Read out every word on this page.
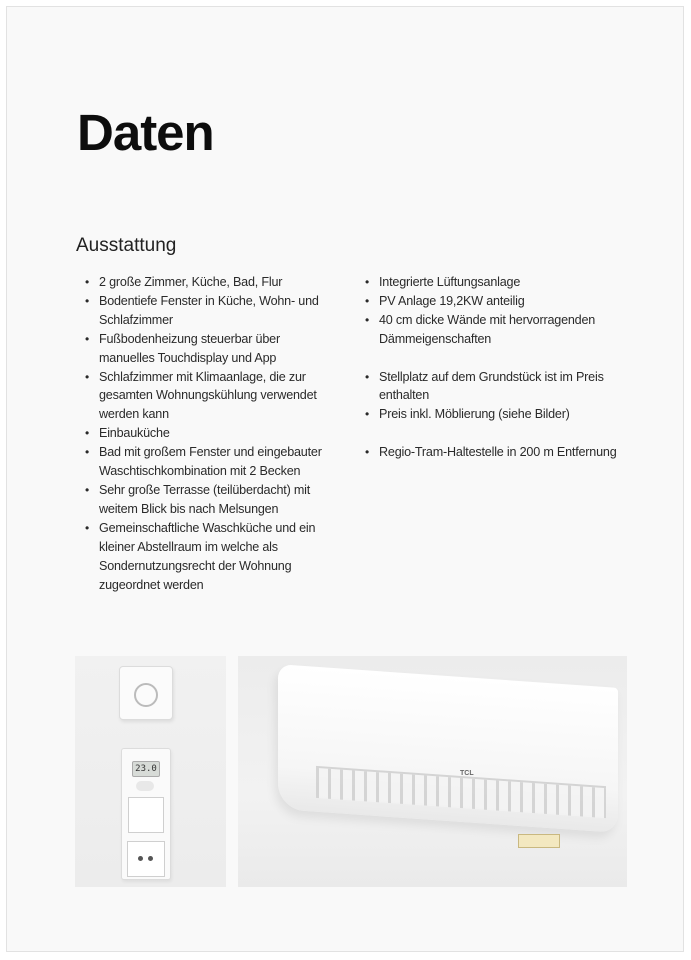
Daten
Ausstattung
• 2 große Zimmer, Küche, Bad, Flur
• Bodentiefe Fenster in Küche, Wohn- und Schlafzimmer
• Fußbodenheizung steuerbar über manuelles Touchdisplay und App
• Schlafzimmer mit Klimaanlage, die zur gesamten Wohnungskühlung verwendet werden kann
• Einbauküche
• Bad mit großem Fenster und eingebauter Waschtischkombination mit 2 Becken
• Sehr große Terrasse (teilüberdacht) mit weitem Blick bis nach Melsungen
• Gemeinschaftliche Waschküche und ein kleiner Abstellraum im welche als Sondernutzungsrecht der Wohnung zugeordnet werden
• Integrierte Lüftungsanlage
• PV Anlage 19,2KW anteilig
• 40 cm dicke Wände mit hervorragenden Dämmeigenschaften
• Stellplatz auf dem Grundstück ist im Preis enthalten
• Preis inkl. Möblierung (siehe Bilder)
• Regio-Tram-Haltestelle in 200 m Entfernung
23.0	TCL
